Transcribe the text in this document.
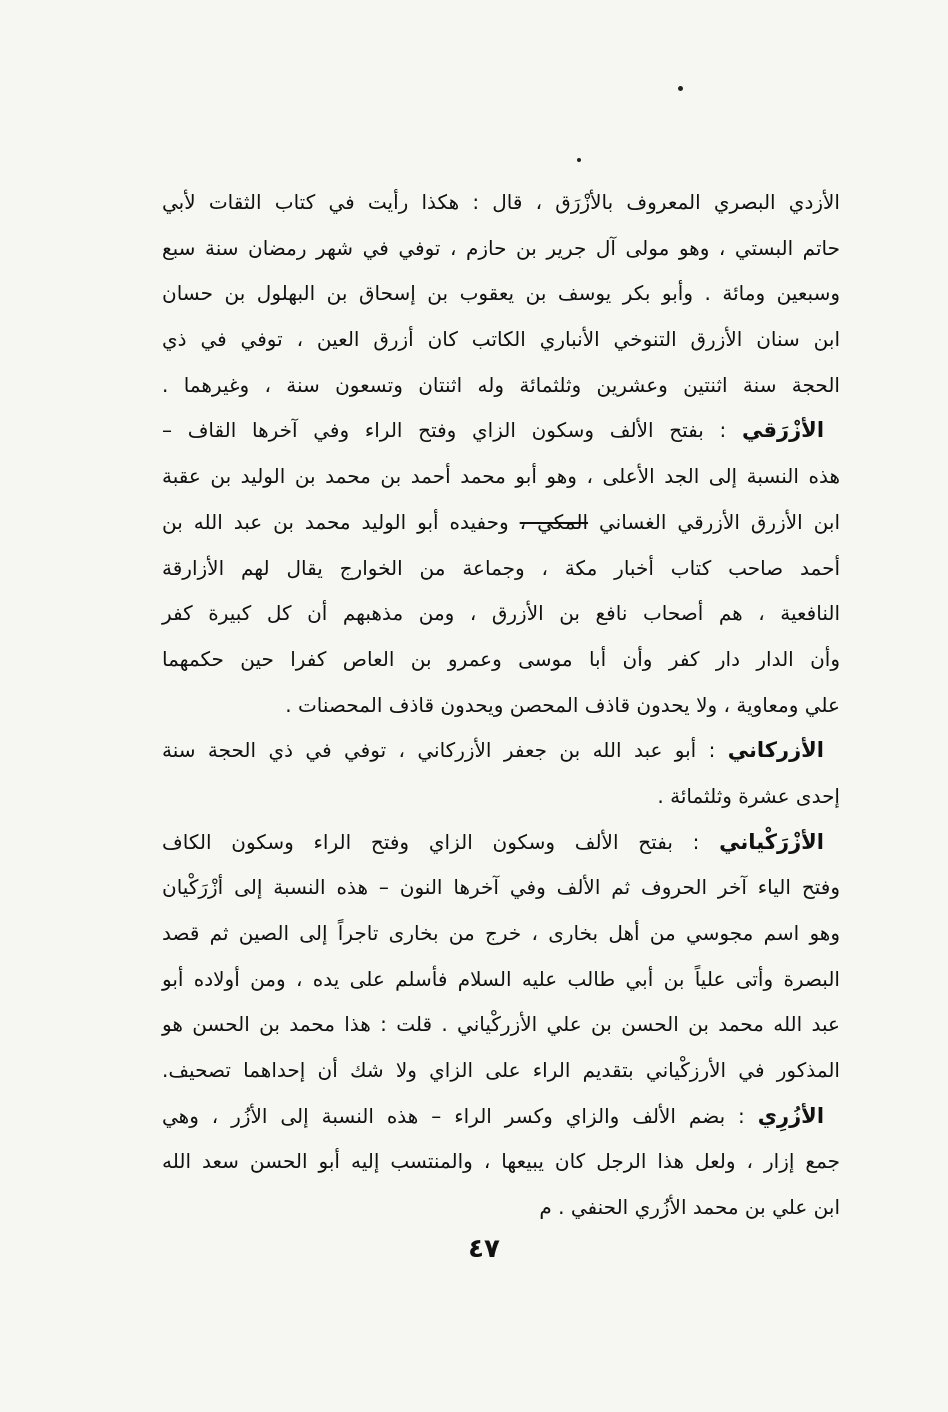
الأزدي البصري المعروف بالأزْرَق ، قال : هكذا رأيت في كتاب الثقات لأبي
حاتم البستي ، وهو مولى آل جرير بن حازم ، توفي في شهر رمضان سنة سبع
وسبعين ومائة . وأبو بكر يوسف بن يعقوب بن إسحاق بن البهلول بن حسان
ابن سنان الأزرق التنوخي الأنباري الكاتب كان أزرق العين ، توفي في ذي
الحجة سنة اثنتين وعشرين وثلثمائة وله اثنتان وتسعون سنة ، وغيرهما .
الأزْرَقي : بفتح الألف وسكون الزاي وفتح الراء وفي آخرها القاف –
هذه النسبة إلى الجد الأعلى ، وهو أبو محمد أحمد بن محمد بن الوليد بن عقبة
ابن الأزرق الأزرقي الغساني المكي ، وحفيده أبو الوليد محمد بن عبد الله بن
أحمد صاحب كتاب أخبار مكة ، وجماعة من الخوارج يقال لهم الأزارقة
النافعية ، هم أصحاب نافع بن الأزرق ، ومن مذهبهم أن كل كبيرة كفر
وأن الدار دار كفر وأن أبا موسى وعمرو بن العاص كفرا حين حكمهما
علي ومعاوية ، ولا يحدون قاذف المحصن ويحدون قاذف المحصنات .
الأزركاني : أبو عبد الله بن جعفر الأزركاني ، توفي في ذي الحجة سنة
إحدى عشرة وثلثمائة .
الأزْرَكْياني : بفتح الألف وسكون الزاي وفتح الراء وسكون الكاف
وفتح الياء آخر الحروف ثم الألف وفي آخرها النون – هذه النسبة إلى أزْرَكْيان
وهو اسم مجوسي من أهل بخارى ، خرج من بخارى تاجراً إلى الصين ثم قصد
البصرة وأتى علياً بن أبي طالب عليه السلام فأسلم على يده ، ومن أولاده أبو
عبد الله محمد بن الحسن بن علي الأزركْياني . قلت : هذا محمد بن الحسن هو
المذكور في الأرزكْياني بتقديم الراء على الزاي ولا شك أن إحداهما تصحيف.
الأزُرِي : بضم الألف والزاي وكسر الراء – هذه النسبة إلى الأزُر ، وهي
جمع إزار ، ولعل هذا الرجل كان يبيعها ، والمنتسب إليه أبو الحسن سعد الله
ابن علي بن محمد الأزُري الحنفي . م
٤٧
